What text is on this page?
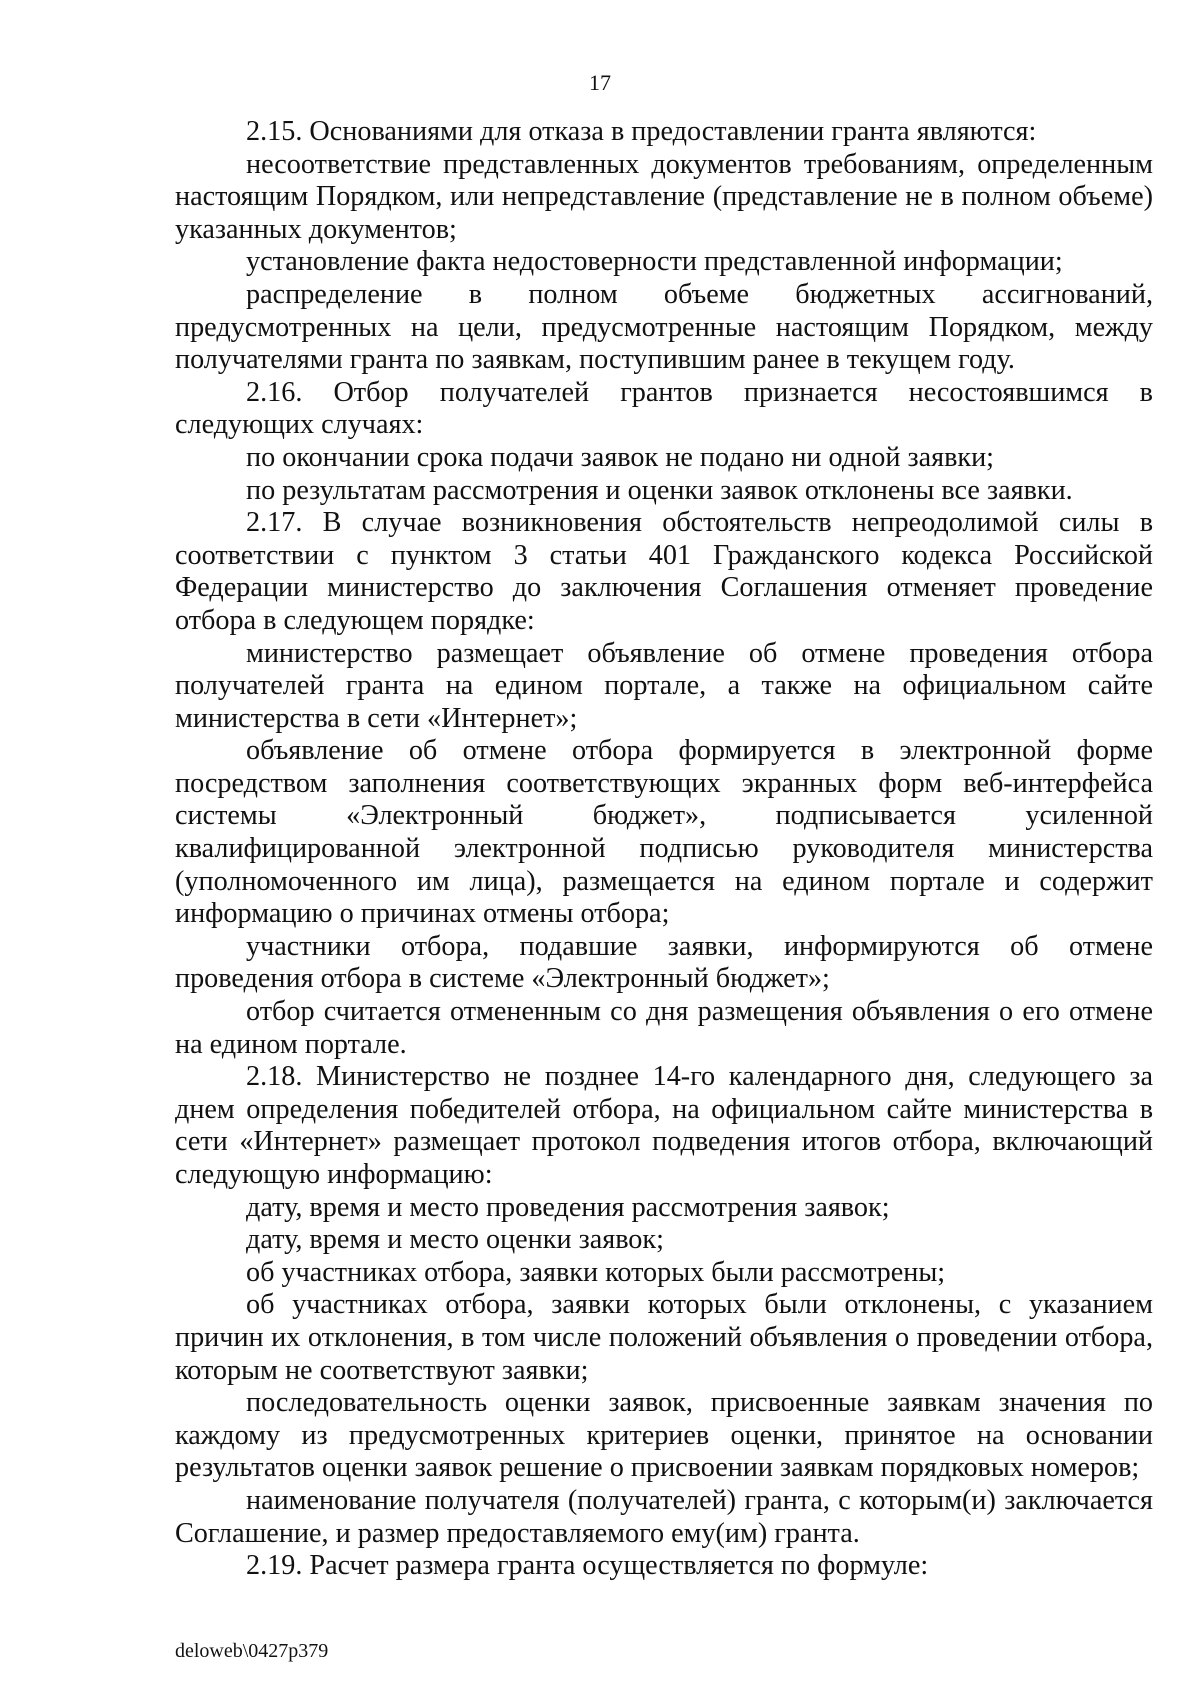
17

2.15. Основаниями для отказа в предоставлении гранта являются:

несоответствие представленных документов требованиям, определенным настоящим Порядком, или непредставление (представление не в полном объеме) указанных документов;

установление факта недостоверности представленной информации;

распределение в полном объеме бюджетных ассигнований, предусмотренных на цели, предусмотренные настоящим Порядком, между получателями гранта по заявкам, поступившим ранее в текущем году.

2.16. Отбор получателей грантов признается несостоявшимся в следующих случаях:

по окончании срока подачи заявок не подано ни одной заявки;

по результатам рассмотрения и оценки заявок отклонены все заявки.

2.17. В случае возникновения обстоятельств непреодолимой силы в соответствии с пунктом 3 статьи 401 Гражданского кодекса Российской Федерации министерство до заключения Соглашения отменяет проведение отбора в следующем порядке:

министерство размещает объявление об отмене проведения отбора получателей гранта на едином портале, а также на официальном сайте министерства в сети «Интернет»;

объявление об отмене отбора формируется в электронной форме посредством заполнения соответствующих экранных форм веб-интерфейса системы «Электронный бюджет», подписывается усиленной квалифицированной электронной подписью руководителя министерства (уполномоченного им лица), размещается на едином портале и содержит информацию о причинах отмены отбора;

участники отбора, подавшие заявки, информируются об отмене проведения отбора в системе «Электронный бюджет»;

отбор считается отмененным со дня размещения объявления о его отмене на едином портале.

2.18. Министерство не позднее 14-го календарного дня, следующего за днем определения победителей отбора, на официальном сайте министерства в сети «Интернет» размещает протокол подведения итогов отбора, включающий следующую информацию:

дату, время и место проведения рассмотрения заявок;

дату, время и место оценки заявок;

об участниках отбора, заявки которых были рассмотрены;

об участниках отбора, заявки которых были отклонены, с указанием причин их отклонения, в том числе положений объявления о проведении отбора, которым не соответствуют заявки;

последовательность оценки заявок, присвоенные заявкам значения по каждому из предусмотренных критериев оценки, принятое на основании результатов оценки заявок решение о присвоении заявкам порядковых номеров;

наименование получателя (получателей) гранта, с которым(и) заключается Соглашение, и размер предоставляемого ему(им) гранта.

2.19. Расчет размера гранта осуществляется по формуле:

deloweb\0427p379
